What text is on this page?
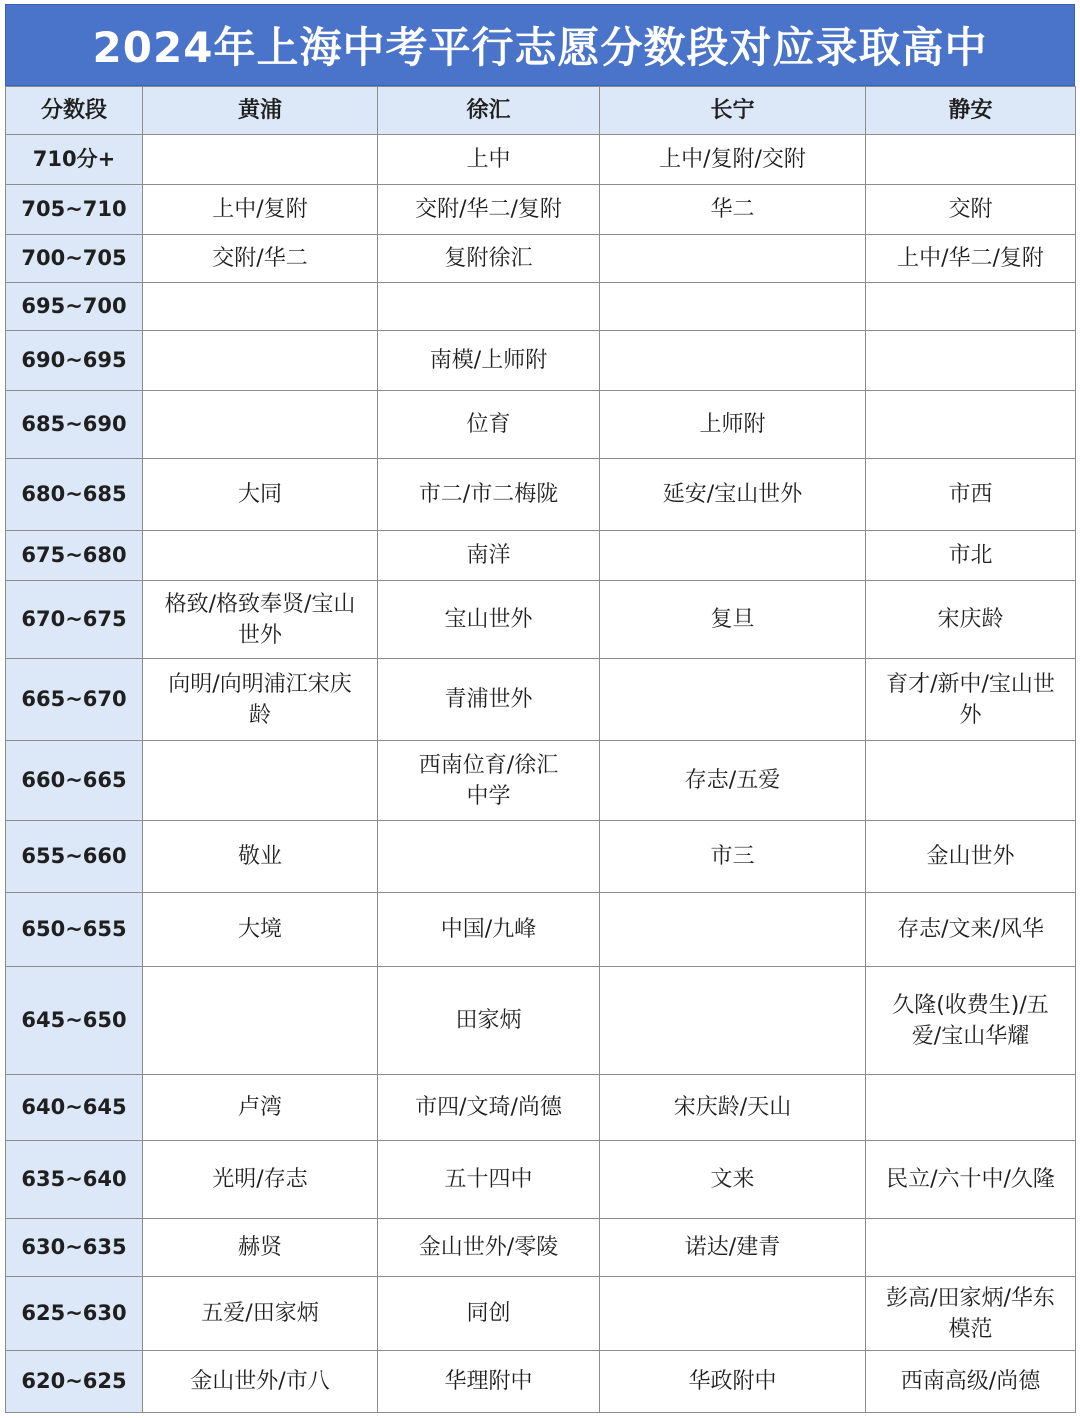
2024年上海中考平行志愿分数段对应录取高中
分数段	黄浦	徐汇	长宁	静安
710分+		上中	上中/复附/交附	
705~710	上中/复附	交附/华二/复附	华二	交附
700~705	交附/华二	复附徐汇		上中/华二/复附
695~700				
690~695		南模/上师附		
685~690		位育	上师附	
680~685	大同	市二/市二梅陇	延安/宝山世外	市西
675~680		南洋		市北
670~675	格致/格致奉贤/宝山世外	宝山世外	复旦	宋庆龄
665~670	向明/向明浦江宋庆龄	青浦世外		育才/新中/宝山世外
660~665		西南位育/徐汇中学	存志/五爱	
655~660	敬业		市三	金山世外
650~655	大境	中国/九峰		存志/文来/风华
645~650		田家炳		久隆(收费生)/五爱/宝山华耀
640~645	卢湾	市四/文琦/尚德	宋庆龄/天山	
635~640	光明/存志	五十四中	文来	民立/六十中/久隆
630~635	赫贤	金山世外/零陵	诺达/建青	
625~630	五爱/田家炳	同创		彭高/田家炳/华东模范
620~625	金山世外/市八	华理附中	华政附中	西南高级/尚德
